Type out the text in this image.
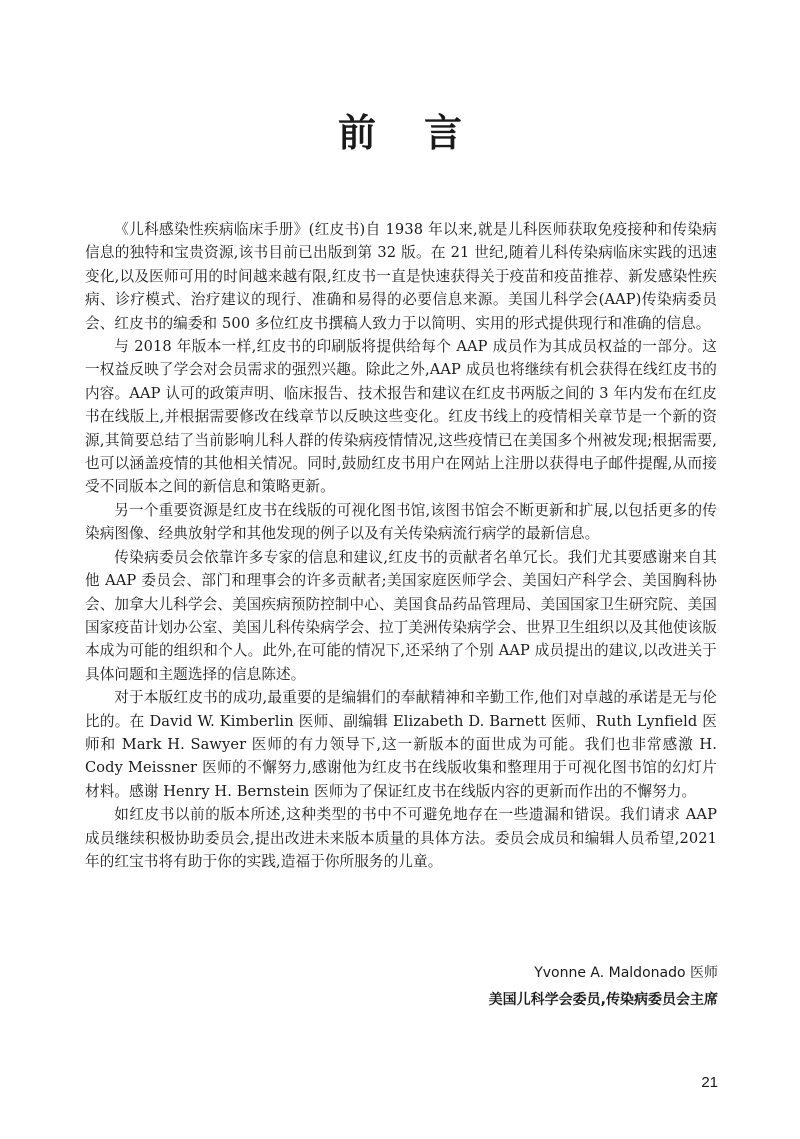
前言

《儿科感染性疾病临床手册》(红皮书)自 1938 年以来,就是儿科医师获取免疫接种和传染病信息的独特和宝贵资源,该书目前已出版到第 32 版。在 21 世纪,随着儿科传染病临床实践的迅速变化,以及医师可用的时间越来越有限,红皮书一直是快速获得关于疫苗和疫苗推荐、新发感染性疾病、诊疗模式、治疗建议的现行、准确和易得的必要信息来源。美国儿科学会(AAP)传染病委员会、红皮书的编委和 500 多位红皮书撰稿人致力于以简明、实用的形式提供现行和准确的信息。

与 2018 年版本一样,红皮书的印刷版将提供给每个 AAP 成员作为其成员权益的一部分。这一权益反映了学会对会员需求的强烈兴趣。除此之外,AAP 成员也将继续有机会获得在线红皮书的内容。AAP 认可的政策声明、临床报告、技术报告和建议在红皮书两版之间的 3 年内发布在红皮书在线版上,并根据需要修改在线章节以反映这些变化。红皮书线上的疫情相关章节是一个新的资源,其简要总结了当前影响儿科人群的传染病疫情情况,这些疫情已在美国多个州被发现;根据需要,也可以涵盖疫情的其他相关情况。同时,鼓励红皮书用户在网站上注册以获得电子邮件提醒,从而接受不同版本之间的新信息和策略更新。

另一个重要资源是红皮书在线版的可视化图书馆,该图书馆会不断更新和扩展,以包括更多的传染病图像、经典放射学和其他发现的例子以及有关传染病流行病学的最新信息。

传染病委员会依靠许多专家的信息和建议,红皮书的贡献者名单冗长。我们尤其要感谢来自其他 AAP 委员会、部门和理事会的许多贡献者;美国家庭医师学会、美国妇产科学会、美国胸科协会、加拿大儿科学会、美国疾病预防控制中心、美国食品药品管理局、美国国家卫生研究院、美国国家疫苗计划办公室、美国儿科传染病学会、拉丁美洲传染病学会、世界卫生组织以及其他使该版本成为可能的组织和个人。此外,在可能的情况下,还采纳了个别 AAP 成员提出的建议,以改进关于具体问题和主题选择的信息陈述。

对于本版红皮书的成功,最重要的是编辑们的奉献精神和辛勤工作,他们对卓越的承诺是无与伦比的。在 David W. Kimberlin 医师、副编辑 Elizabeth D. Barnett 医师、Ruth Lynfield 医师和 Mark H. Sawyer 医师的有力领导下,这一新版本的面世成为可能。我们也非常感激 H. Cody Meissner 医师的不懈努力,感谢他为红皮书在线版收集和整理用于可视化图书馆的幻灯片材料。感谢 Henry H. Bernstein 医师为了保证红皮书在线版内容的更新而作出的不懈努力。

如红皮书以前的版本所述,这种类型的书中不可避免地存在一些遗漏和错误。我们请求 AAP 成员继续积极协助委员会,提出改进未来版本质量的具体方法。委员会成员和编辑人员希望,2021 年的红宝书将有助于你的实践,造福于你所服务的儿童。

Yvonne A. Maldonado 医师
美国儿科学会委员,传染病委员会主席
21
